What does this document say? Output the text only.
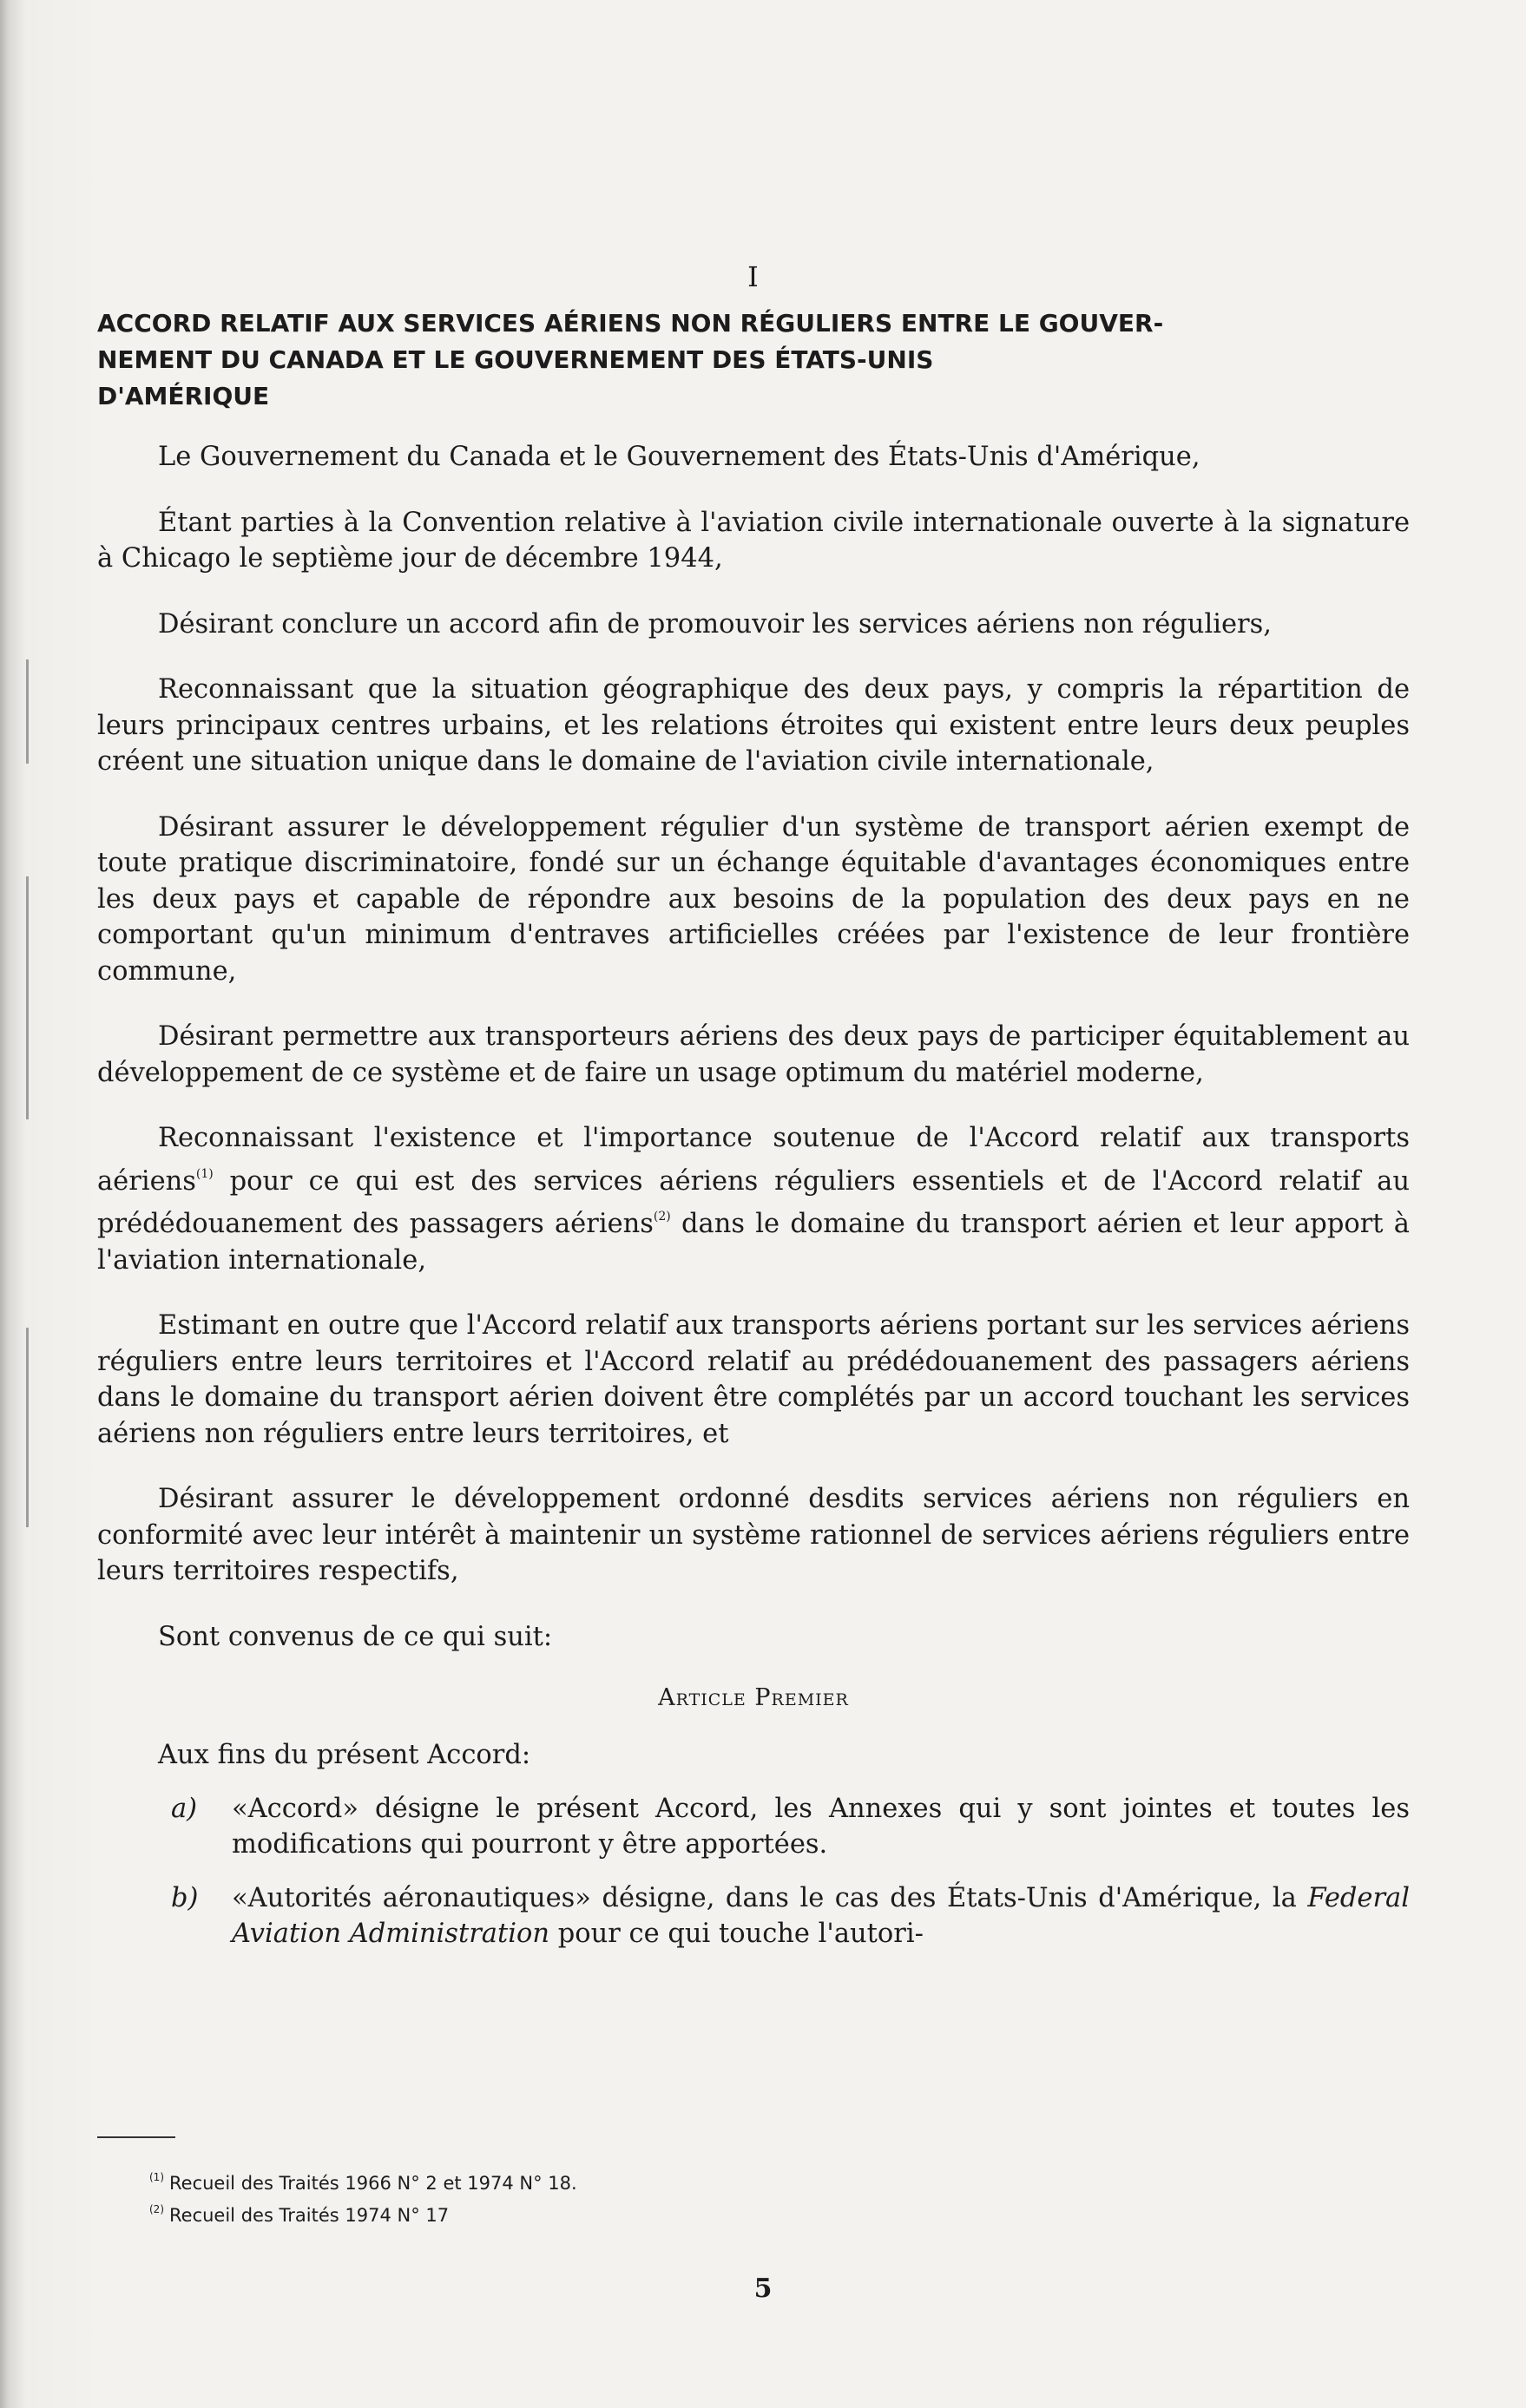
I
ACCORD RELATIF AUX SERVICES AÉRIENS NON RÉGULIERS ENTRE LE GOUVER-
NEMENT DU CANADA ET LE GOUVERNEMENT DES ÉTATS-UNIS
D'AMÉRIQUE

Le Gouvernement du Canada et le Gouvernement des États-Unis d'Amérique,

Étant parties à la Convention relative à l'aviation civile internationale ouverte à la signature à Chicago le septième jour de décembre 1944,

Désirant conclure un accord afin de promouvoir les services aériens non réguliers,

Reconnaissant que la situation géographique des deux pays, y compris la répartition de leurs principaux centres urbains, et les relations étroites qui existent entre leurs deux peuples créent une situation unique dans le domaine de l'aviation civile internationale,

Désirant assurer le développement régulier d'un système de transport aérien exempt de toute pratique discriminatoire, fondé sur un échange équitable d'avantages économiques entre les deux pays et capable de répondre aux besoins de la population des deux pays en ne comportant qu'un minimum d'entraves artificielles créées par l'existence de leur frontière commune,

Désirant permettre aux transporteurs aériens des deux pays de participer équitablement au développement de ce système et de faire un usage optimum du matériel moderne,

Reconnaissant l'existence et l'importance soutenue de l'Accord relatif aux transports aériens$^{(1)}$ pour ce qui est des services aériens réguliers essentiels et de l'Accord relatif au prédédouanement des passagers aériens$^{(2)}$ dans le domaine du transport aérien et leur apport à l'aviation internationale,

Estimant en outre que l'Accord relatif aux transports aériens portant sur les services aériens réguliers entre leurs territoires et l'Accord relatif au prédédouanement des passagers aériens dans le domaine du transport aérien doivent être complétés par un accord touchant les services aériens non réguliers entre leurs territoires, et

Désirant assurer le développement ordonné desdits services aériens non réguliers en conformité avec leur intérêt à maintenir un système rationnel de services aériens réguliers entre leurs territoires respectifs,

Sont convenus de ce qui suit:

Article Premier

Aux fins du présent Accord:

a)	«Accord» désigne le présent Accord, les Annexes qui y sont jointes et toutes les modifications qui pourront y être apportées.
b)	«Autorités aéronautiques» désigne, dans le cas des États-Unis d'Amérique, la Federal Aviation Administration pour ce qui touche l'autori-
$^{(1)}$ Recueil des Traités 1966 N° 2 et 1974 N° 18.
$^{(2)}$ Recueil des Traités 1974 N° 17
5
